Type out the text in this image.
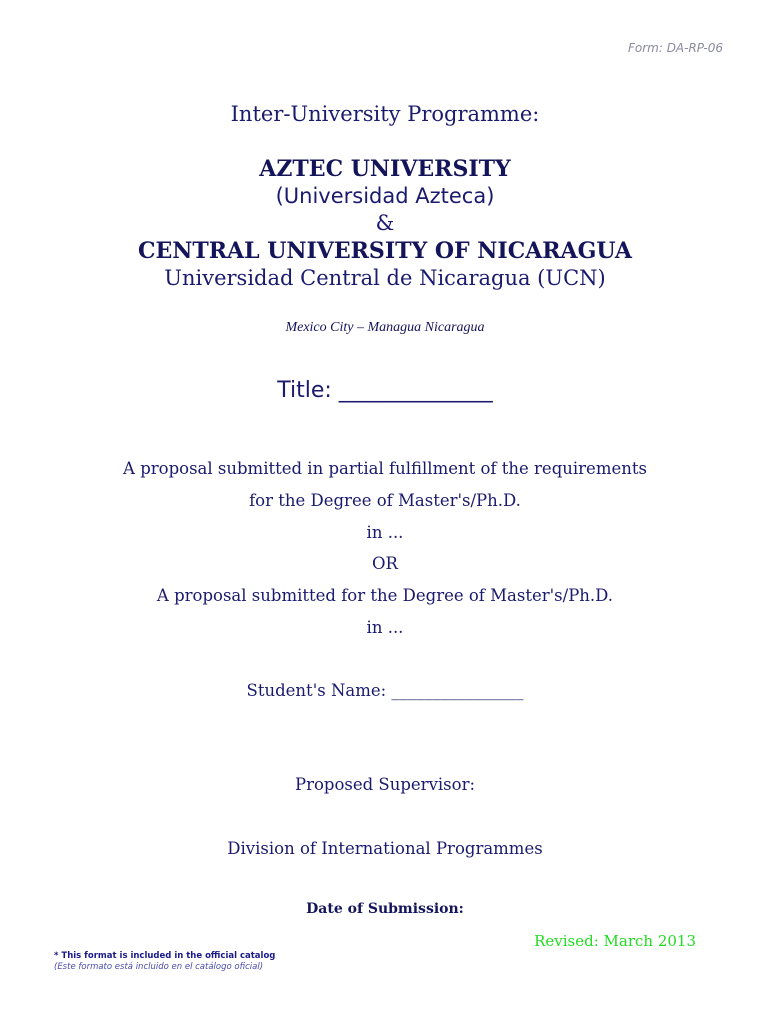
Form: DA-RP-06
Inter-University Programme:
AZTEC UNIVERSITY
(Universidad Azteca)
&
CENTRAL UNIVERSITY OF NICARAGUA
Universidad Central de Nicaragua (UCN)
Mexico City – Managua Nicaragua
Title: ______________
A proposal submitted in partial fulfillment of the requirements
for the Degree of Master's/Ph.D.
in ...
OR
A proposal submitted for the Degree of Master's/Ph.D.
in ...
Student's Name: ________________
Proposed Supervisor:
Division of International Programmes
Date of Submission:
Revised: March 2013
* This format is included in the official catalog
(Este formato está incluido en el catálogo oficial)
